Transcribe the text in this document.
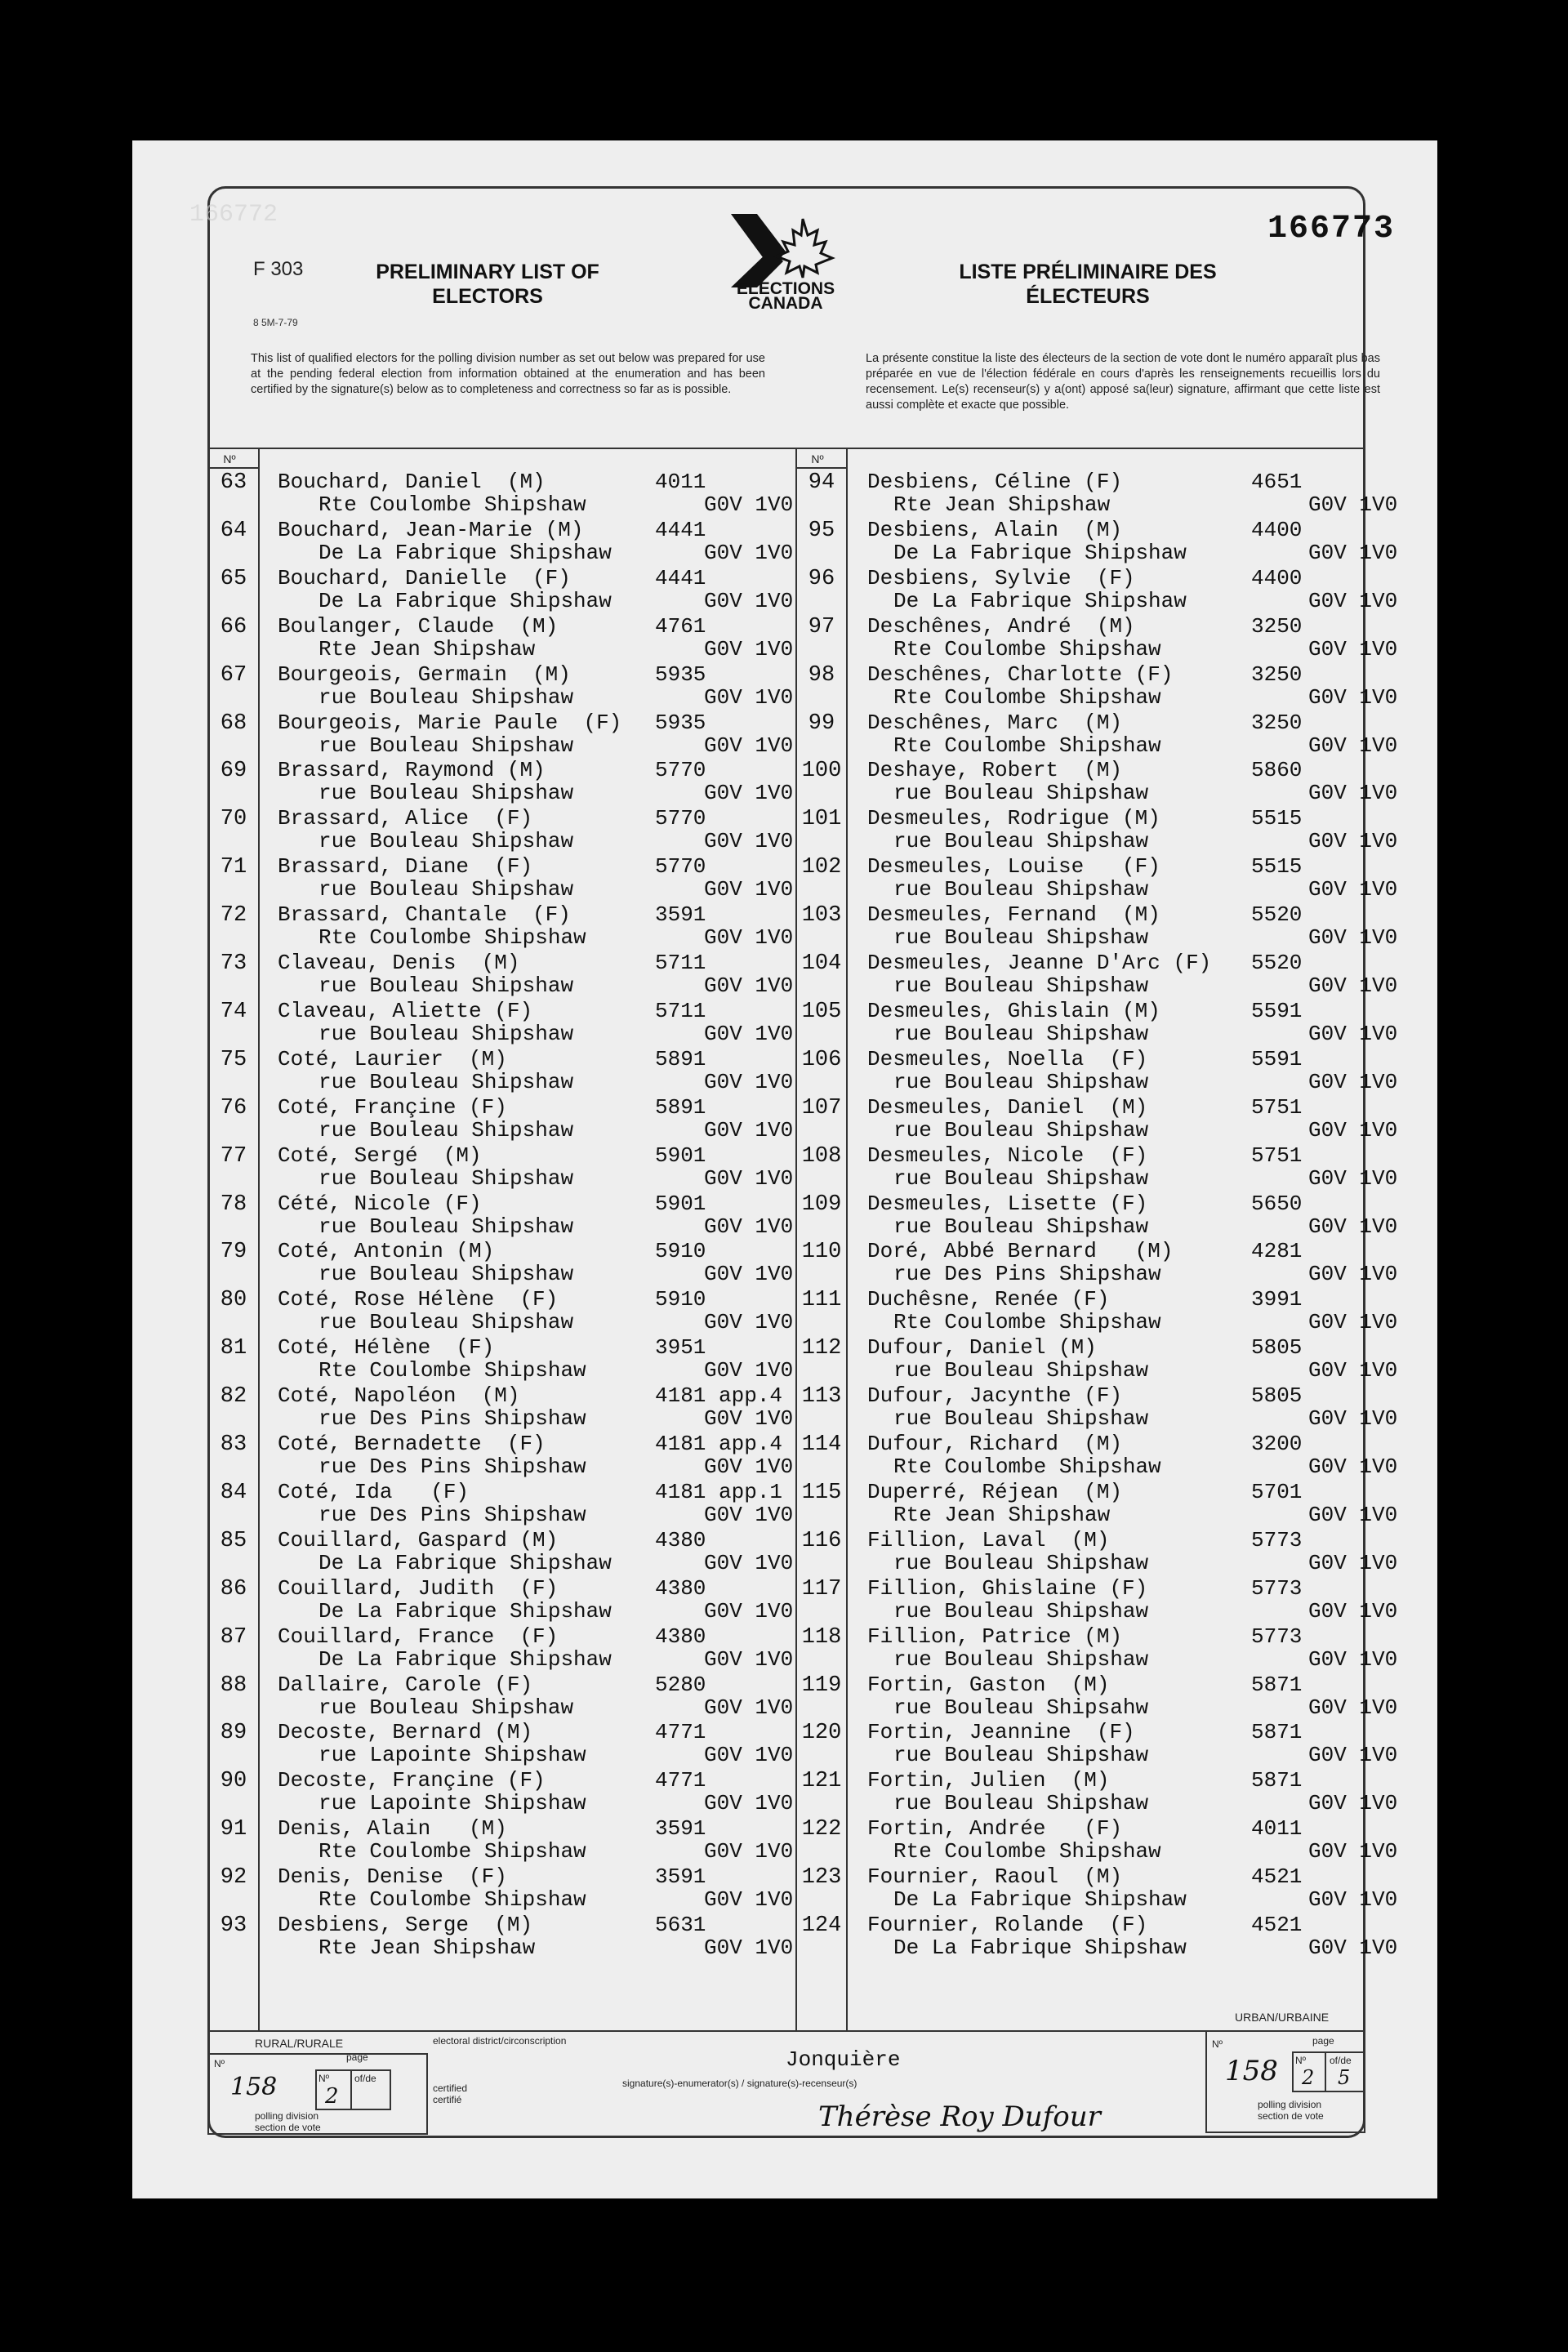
166772
F 303
8 5M-7-79
PRELIMINARY LIST OF ELECTORS
LISTE PRÉLIMINAIRE DES ÉLECTEURS
166773
ELECTIONS
CANADA
This list of qualified electors for the polling division number as set out below was prepared for use at the pending federal election from information obtained at the enumeration and has been certified by the signature(s) below as to completeness and correctness so far as is possible.
La présente constitue la liste des électeurs de la section de vote dont le numéro apparaît plus bas préparée en vue de l'élection fédérale en cours d'après les renseignements recueillis lors du recensement. Le(s) recenseur(s) y a(ont) apposé sa(leur) signature, affirmant que cette liste est aussi complète et exacte que possible.
Nº	Nº
63	Bouchard, Daniel  (M)	4011
Rte Coulombe Shipshaw	G0V 1V0
64	Bouchard, Jean-Marie (M)	4441
De La Fabrique Shipshaw	G0V 1V0
65	Bouchard, Danielle  (F)	4441
De La Fabrique Shipshaw	G0V 1V0
66	Boulanger, Claude  (M)	4761
Rte Jean Shipshaw	G0V 1V0
67	Bourgeois, Germain  (M)	5935
rue Bouleau Shipshaw	G0V 1V0
68	Bourgeois, Marie Paule  (F) 5935
rue Bouleau Shipshaw	G0V 1V0
69	Brassard, Raymond (M)	5770
rue Bouleau Shipshaw	G0V 1V0
70	Brassard, Alice  (F)	5770
rue Bouleau Shipshaw	G0V 1V0
71	Brassard, Diane  (F)	5770
rue Bouleau Shipshaw	G0V 1V0
72	Brassard, Chantale  (F)	3591
Rte Coulombe Shipshaw	G0V 1V0
73	Claveau, Denis  (M)	5711
rue Bouleau Shipshaw	G0V 1V0
74	Claveau, Aliette (F)	5711
rue Bouleau Shipshaw	G0V 1V0
75	Coté, Laurier  (M)	5891
rue Bouleau Shipshaw	G0V 1V0
76	Coté, Françine (F)	5891
rue Bouleau Shipshaw	G0V 1V0
77	Coté, Sergé  (M)	5901
rue Bouleau Shipshaw	G0V 1V0
78	Cété, Nicole (F)	5901
rue Bouleau Shipshaw	G0V 1V0
79	Coté, Antonin (M)	5910
rue Bouleau Shipshaw	G0V 1V0
80	Coté, Rose Hélène  (F)	5910
rue Bouleau Shipshaw	G0V 1V0
81	Coté, Hélène  (F)	3951
Rte Coulombe Shipshaw	G0V 1V0
82	Coté, Napoléon  (M)	4181 app.4
rue Des Pins Shipshaw	G0V 1V0
83	Coté, Bernadette  (F)	4181 app.4
rue Des Pins Shipshaw	G0V 1V0
84	Coté, Ida   (F)	4181 app.1
rue Des Pins Shipshaw	G0V 1V0
85	Couillard, Gaspard (M)	4380
De La Fabrique Shipshaw	G0V 1V0
86	Couillard, Judith  (F)	4380
De La Fabrique Shipshaw	G0V 1V0
87	Couillard, France  (F)	4380
De La Fabrique Shipshaw	G0V 1V0
88	Dallaire, Carole (F)	5280
rue Bouleau Shipshaw	G0V 1V0
89	Decoste, Bernard (M)	4771
rue Lapointe Shipshaw	G0V 1V0
90	Decoste, Françine (F)	4771
rue Lapointe Shipshaw	G0V 1V0
91	Denis, Alain   (M)	3591
Rte Coulombe Shipshaw	G0V 1V0
92	Denis, Denise  (F)	3591
Rte Coulombe Shipshaw	G0V 1V0
93	Desbiens, Serge  (M)	5631
Rte Jean Shipshaw	G0V 1V0
94	Desbiens, Céline (F)	4651
Rte Jean Shipshaw	G0V 1V0
95	Desbiens, Alain  (M)	4400
De La Fabrique Shipshaw	G0V 1V0
96	Desbiens, Sylvie  (F)	4400
De La Fabrique Shipshaw	G0V 1V0
97	Deschênes, André  (M)	3250
Rte Coulombe Shipshaw	G0V 1V0
98	Deschênes, Charlotte (F)	3250
Rte Coulombe Shipshaw	G0V 1V0
99	Deschênes, Marc  (M)	3250
Rte Coulombe Shipshaw	G0V 1V0
100 Deshaye, Robert  (M)	5860
rue Bouleau Shipshaw	G0V 1V0
101 Desmeules, Rodrigue (M)	5515
rue Bouleau Shipshaw	G0V 1V0
102 Desmeules, Louise   (F)	5515
rue Bouleau Shipshaw	G0V 1V0
103 Desmeules, Fernand  (M)	5520
rue Bouleau Shipshaw	G0V 1V0
104 Desmeules, Jeanne D'Arc (F) 5520
rue Bouleau Shipshaw	G0V 1V0
105 Desmeules, Ghislain (M)	5591
rue Bouleau Shipshaw	G0V 1V0
106 Desmeules, Noella  (F)	5591
rue Bouleau Shipshaw	G0V 1V0
107 Desmeules, Daniel  (M)	5751
rue Bouleau Shipshaw	G0V 1V0
108 Desmeules, Nicole  (F)	5751
rue Bouleau Shipshaw	G0V 1V0
109 Desmeules, Lisette (F)	5650
rue Bouleau Shipshaw	G0V 1V0
110 Doré, Abbé Bernard   (M)	4281
rue Des Pins Shipshaw	G0V 1V0
111 Duchêsne, Renée (F)	3991
Rte Coulombe Shipshaw	G0V 1V0
112 Dufour, Daniel (M)	5805
rue Bouleau Shipshaw	G0V 1V0
113 Dufour, Jacynthe (F)	5805
rue Bouleau Shipshaw	G0V 1V0
114 Dufour, Richard  (M)	3200
Rte Coulombe Shipshaw	G0V 1V0
115 Duperré, Réjean  (M)	5701
Rte Jean Shipshaw	G0V 1V0
116 Fillion, Laval  (M)	5773
rue Bouleau Shipshaw	G0V 1V0
117 Fillion, Ghislaine (F)	5773
rue Bouleau Shipshaw	G0V 1V0
118 Fillion, Patrice (M)	5773
rue Bouleau Shipshaw	G0V 1V0
119 Fortin, Gaston  (M)	5871
rue Bouleau Shipsahw	G0V 1V0
120 Fortin, Jeannine  (F)	5871
rue Bouleau Shipshaw	G0V 1V0
121 Fortin, Julien  (M)	5871
rue Bouleau Shipshaw	G0V 1V0
122 Fortin, Andrée   (F)	4011
Rte Coulombe Shipshaw	G0V 1V0
123 Fournier, Raoul  (M)	4521
De La Fabrique Shipshaw	G0V 1V0
124 Fournier, Rolande  (F)	4521
De La Fabrique Shipshaw	G0V 1V0
RURAL/RURALE
URBAN/URBAINE
electoral district/circonscription
Jonquière
Nº
page
Nº	of/de
158 2
polling division
section de vote
certified
certifié
signature(s)-enumerator(s) / signature(s)-recenseur(s)
Thérèse Roy Dufour
Nº	page
Nº of/de
158 2 5
polling division
section de vote
